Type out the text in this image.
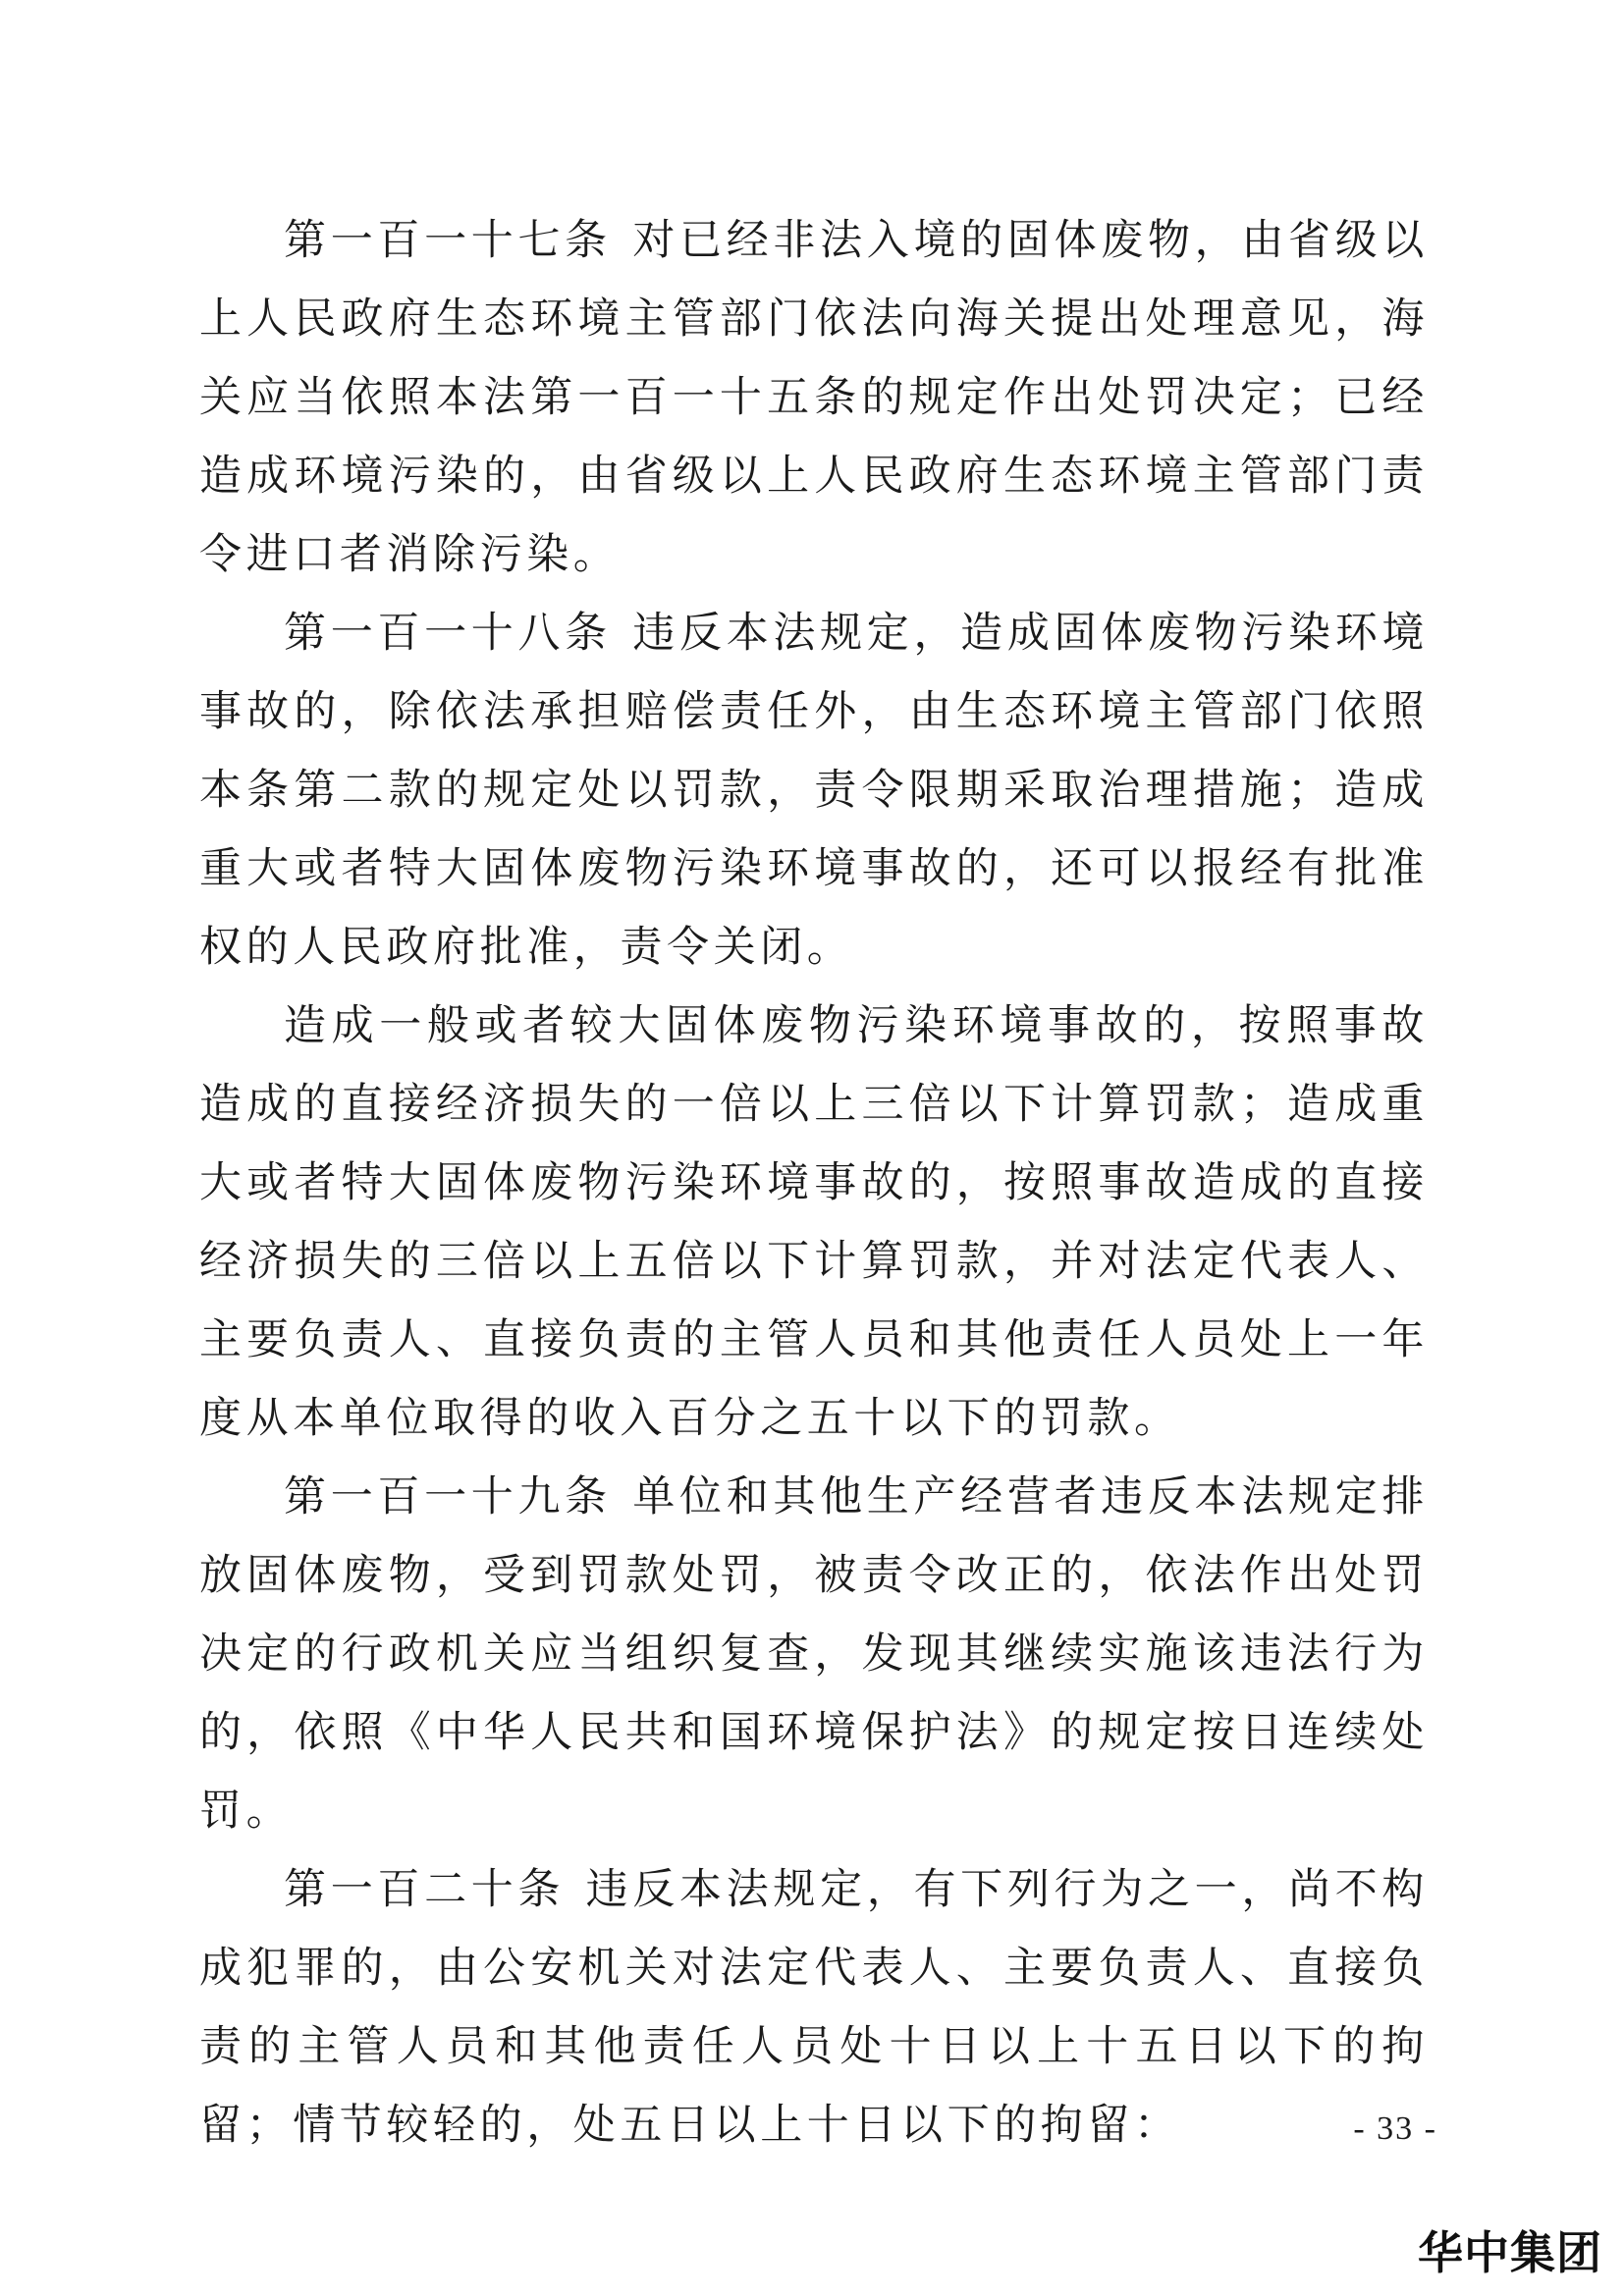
第一百一十七条 对已经非法入境的固体废物，由省级以上人民政府生态环境主管部门依法向海关提出处理意见，海关应当依照本法第一百一十五条的规定作出处罚决定；已经造成环境污染的，由省级以上人民政府生态环境主管部门责令进口者消除污染。

第一百一十八条 违反本法规定，造成固体废物污染环境事故的，除依法承担赔偿责任外，由生态环境主管部门依照本条第二款的规定处以罚款，责令限期采取治理措施；造成重大或者特大固体废物污染环境事故的，还可以报经有批准权的人民政府批准，责令关闭。

造成一般或者较大固体废物污染环境事故的，按照事故造成的直接经济损失的一倍以上三倍以下计算罚款；造成重大或者特大固体废物污染环境事故的，按照事故造成的直接经济损失的三倍以上五倍以下计算罚款，并对法定代表人、主要负责人、直接负责的主管人员和其他责任人员处上一年度从本单位取得的收入百分之五十以下的罚款。

第一百一十九条 单位和其他生产经营者违反本法规定排放固体废物，受到罚款处罚，被责令改正的，依法作出处罚决定的行政机关应当组织复查，发现其继续实施该违法行为的，依照《中华人民共和国环境保护法》的规定按日连续处罚。

第一百二十条 违反本法规定，有下列行为之一，尚不构成犯罪的，由公安机关对法定代表人、主要负责人、直接负责的主管人员和其他责任人员处十日以上十五日以下的拘留；情节较轻的，处五日以上十日以下的拘留：	- 33 -
华中集团
